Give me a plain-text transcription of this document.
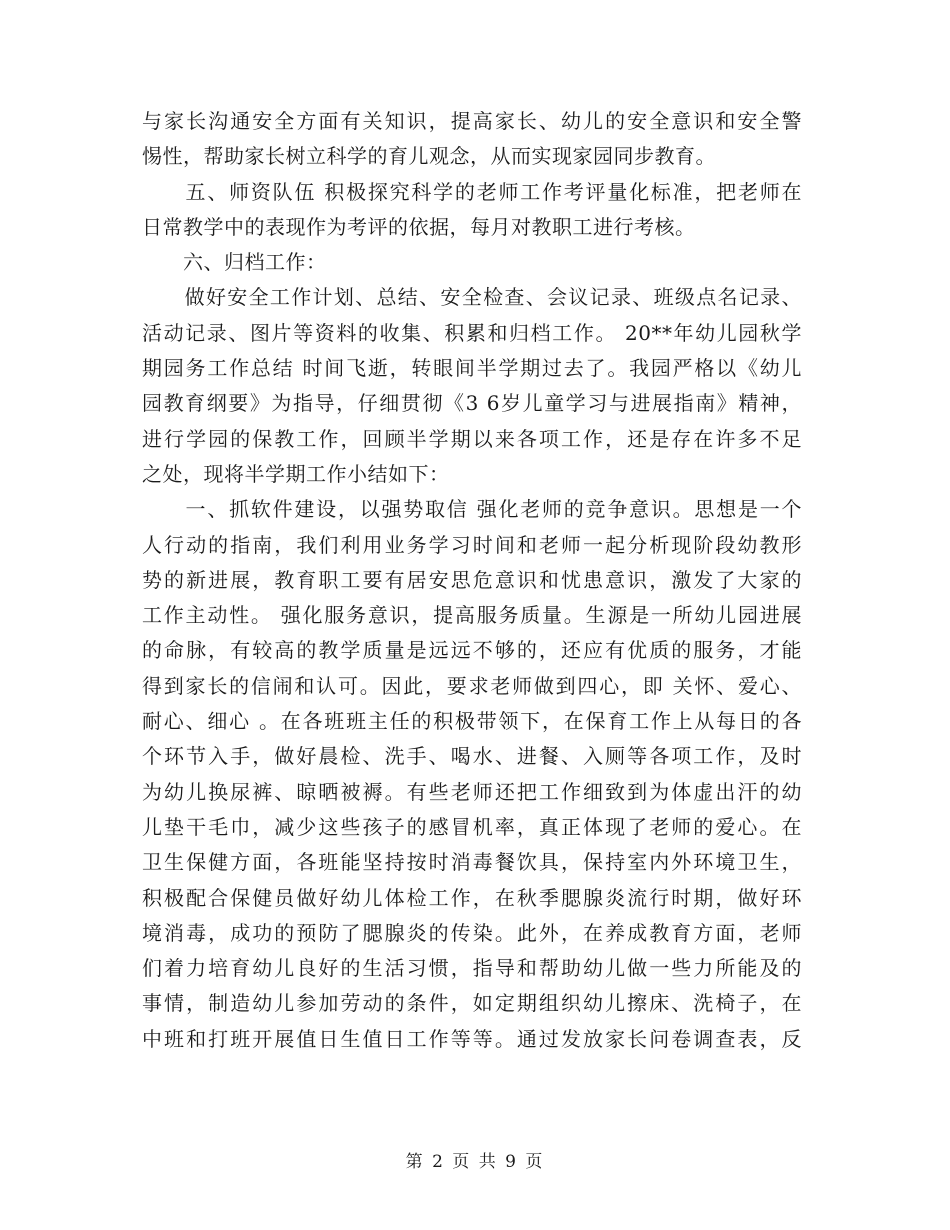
与家长沟通安全方面有关知识，提高家长、幼儿的安全意识和安全警
惕性，帮助家长树立科学的育儿观念，从而实现家园同步教育。
　　五、师资队伍 积极探究科学的老师工作考评量化标准，把老师在
日常教学中的表现作为考评的依据，每月对教职工进行考核。
　　六、归档工作：
　　做好安全工作计划、总结、安全检查、会议记录、班级点名记录、
活动记录、图片等资料的收集、积累和归档工作。 20**年幼儿园秋学
期园务工作总结 时间飞逝，转眼间半学期过去了。我园严格以《幼儿
园教育纲要》为指导，仔细贯彻《3 6岁儿童学习与进展指南》精神，
进行学园的保教工作，回顾半学期以来各项工作，还是存在许多不足
之处，现将半学期工作小结如下：
　　一、抓软件建设，以强势取信 强化老师的竞争意识。思想是一个
人行动的指南，我们利用业务学习时间和老师一起分析现阶段幼教形
势的新进展，教育职工要有居安思危意识和忧患意识，激发了大家的
工作主动性。 强化服务意识，提高服务质量。生源是一所幼儿园进展
的命脉，有较高的教学质量是远远不够的，还应有优质的服务，才能
得到家长的信闹和认可。因此，要求老师做到四心，即 关怀、爱心、
耐心、细心 。在各班班主任的积极带领下，在保育工作上从每日的各
个环节入手，做好晨检、洗手、喝水、进餐、入厕等各项工作，及时
为幼儿换尿裤、晾晒被褥。有些老师还把工作细致到为体虚出汗的幼
儿垫干毛巾，减少这些孩子的感冒机率，真正体现了老师的爱心。在
卫生保健方面，各班能坚持按时消毒餐饮具，保持室内外环境卫生，
积极配合保健员做好幼儿体检工作，在秋季腮腺炎流行时期，做好环
境消毒，成功的预防了腮腺炎的传染。此外，在养成教育方面，老师
们着力培育幼儿良好的生活习惯，指导和帮助幼儿做一些力所能及的
事情，制造幼儿参加劳动的条件，如定期组织幼儿擦床、洗椅子，在
中班和打班开展值日生值日工作等等。通过发放家长问卷调查表，反
第 2 页 共 9 页
